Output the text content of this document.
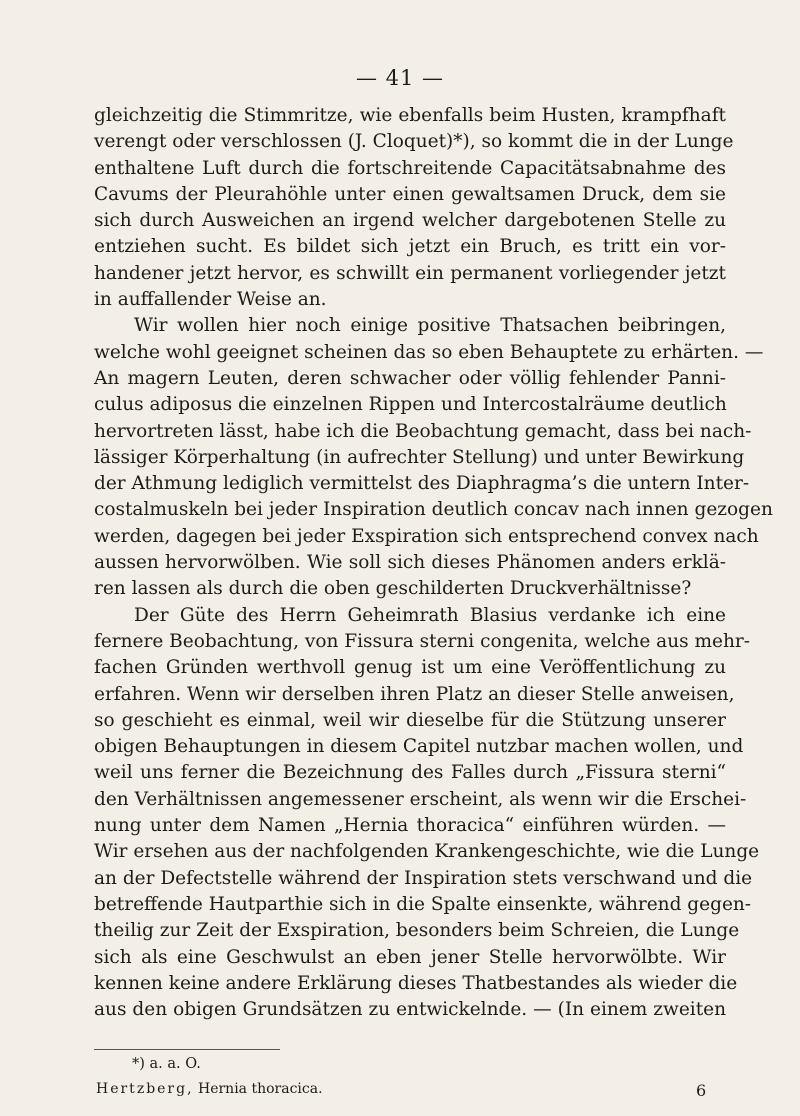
— 41 —
gleichzeitig die Stimmritze, wie ebenfalls beim Husten, krampfhaft
verengt oder verschlossen (J. Cloquet)*), so kommt die in der Lunge
enthaltene Luft durch die fortschreitende Capacitätsabnahme des
Cavums der Pleurahöhle unter einen gewaltsamen Druck, dem sie
sich durch Ausweichen an irgend welcher dargebotenen Stelle zu
entziehen sucht. Es bildet sich jetzt ein Bruch, es tritt ein vor-
handener jetzt hervor, es schwillt ein permanent vorliegender jetzt
in auffallender Weise an.
Wir wollen hier noch einige positive Thatsachen beibringen,
welche wohl geeignet scheinen das so eben Behauptete zu erhärten. —
An magern Leuten, deren schwacher oder völlig fehlender Panni-
culus adiposus die einzelnen Rippen und Intercostalräume deutlich
hervortreten lässt, habe ich die Beobachtung gemacht, dass bei nach-
lässiger Körperhaltung (in aufrechter Stellung) und unter Bewirkung
der Athmung lediglich vermittelst des Diaphragma’s die untern Inter-
costalmuskeln bei jeder Inspiration deutlich concav nach innen gezogen
werden, dagegen bei jeder Exspiration sich entsprechend convex nach
aussen hervorwölben. Wie soll sich dieses Phänomen anders erklä-
ren lassen als durch die oben geschilderten Druckverhältnisse?
Der Güte des Herrn Geheimrath Blasius verdanke ich eine
fernere Beobachtung, von Fissura sterni congenita, welche aus mehr-
fachen Gründen werthvoll genug ist um eine Veröffentlichung zu
erfahren. Wenn wir derselben ihren Platz an dieser Stelle anweisen,
so geschieht es einmal, weil wir dieselbe für die Stützung unserer
obigen Behauptungen in diesem Capitel nutzbar machen wollen, und
weil uns ferner die Bezeichnung des Falles durch „Fissura sterni“
den Verhältnissen angemessener erscheint, als wenn wir die Erschei-
nung unter dem Namen „Hernia thoracica“ einführen würden. —
Wir ersehen aus der nachfolgenden Krankengeschichte, wie die Lunge
an der Defectstelle während der Inspiration stets verschwand und die
betreffende Hautparthie sich in die Spalte einsenkte, während gegen-
theilig zur Zeit der Exspiration, besonders beim Schreien, die Lunge
sich als eine Geschwulst an eben jener Stelle hervorwölbte. Wir
kennen keine andere Erklärung dieses Thatbestandes als wieder die
aus den obigen Grundsätzen zu entwickelnde. — (In einem zweiten
*) a. a. O.
Hertzberg, Hernia thoracica.	6
